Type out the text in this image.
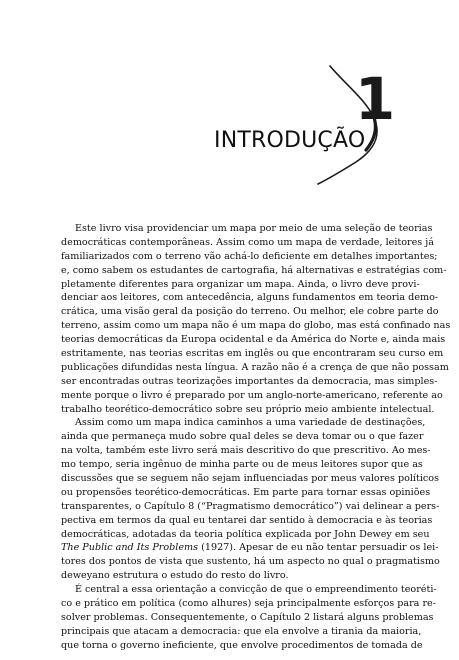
1
INTRODUÇÃO
Este livro visa providenciar um mapa por meio de uma seleção de teorias
democráticas contemporâneas. Assim como um mapa de verdade, leitores já
familiarizados com o terreno vão achá-lo deficiente em detalhes importantes;
e, como sabem os estudantes de cartografia, há alternativas e estratégias com-
pletamente diferentes para organizar um mapa. Ainda, o livro deve provi-
denciar aos leitores, com antecedência, alguns fundamentos em teoria demo-
crática, uma visão geral da posição do terreno. Ou melhor, ele cobre parte do
terreno, assim como um mapa não é um mapa do globo, mas está confinado nas
teorias democráticas da Europa ocidental e da América do Norte e, ainda mais
estritamente, nas teorias escritas em inglês ou que encontraram seu curso em
publicações difundidas nesta língua. A razão não é a crença de que não possam
ser encontradas outras teorizações importantes da democracia, mas simples-
mente porque o livro é preparado por um anglo-norte-americano, referente ao
trabalho teorético-democrático sobre seu próprio meio ambiente intelectual.
Assim como um mapa indica caminhos a uma variedade de destinações,
ainda que permaneça mudo sobre qual deles se deva tomar ou o que fazer
na volta, também este livro será mais descritivo do que prescritivo. Ao mes-
mo tempo, seria ingênuo de minha parte ou de meus leitores supor que as
discussões que se seguem não sejam influenciadas por meus valores políticos
ou propensões teorético-democráticas. Em parte para tornar essas opiniões
transparentes, o Capítulo 8 (“Pragmatismo democrático”) vai delinear a pers-
pectiva em termos da qual eu tentarei dar sentido à democracia e às teorias
democráticas, adotadas da teoria política explicada por John Dewey em seu
The Public and Its Problems (1927). Apesar de eu não tentar persuadir os lei-
tores dos pontos de vista que sustento, há um aspecto no qual o pragmatismo
deweyano estrutura o estudo do resto do livro.
É central a essa orientação a convicção de que o empreendimento teoréti-
co e prático em política (como alhures) seja principalmente esforços para re-
solver problemas. Consequentemente, o Capítulo 2 listará alguns problemas
principais que atacam a democracia: que ela envolve a tirania da maioria,
que torna o governo ineficiente, que envolve procedimentos de tomada de
